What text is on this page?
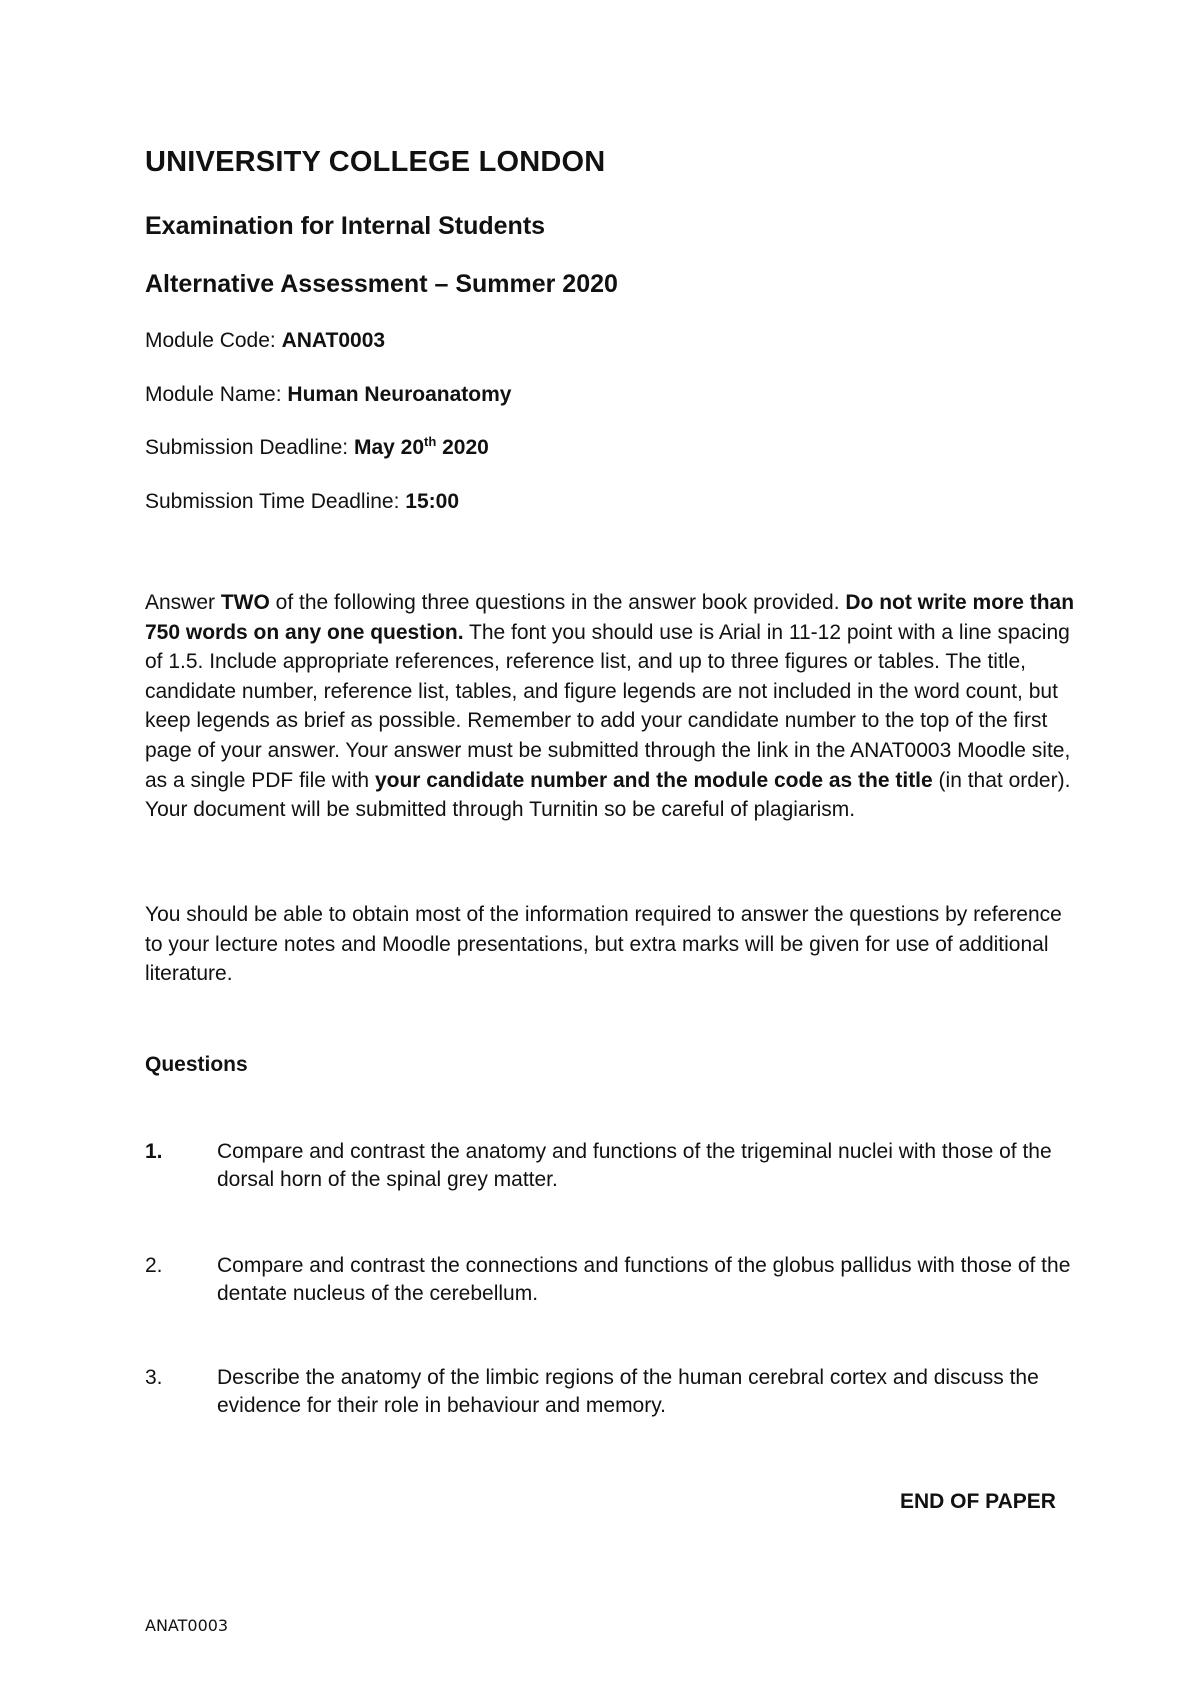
UNIVERSITY COLLEGE LONDON
Examination for Internal Students
Alternative Assessment – Summer 2020
Module Code: ANAT0003
Module Name: Human Neuroanatomy
Submission Deadline: May 20th 2020
Submission Time Deadline: 15:00
Answer TWO of the following three questions in the answer book provided. Do not write more than 750 words on any one question. The font you should use is Arial in 11-12 point with a line spacing of 1.5. Include appropriate references, reference list, and up to three figures or tables. The title, candidate number, reference list, tables, and figure legends are not included in the word count, but keep legends as brief as possible. Remember to add your candidate number to the top of the first page of your answer. Your answer must be submitted through the link in the ANAT0003 Moodle site, as a single PDF file with your candidate number and the module code as the title (in that order). Your document will be submitted through Turnitin so be careful of plagiarism.
You should be able to obtain most of the information required to answer the questions by reference to your lecture notes and Moodle presentations, but extra marks will be given for use of additional literature.
Questions
1.	Compare and contrast the anatomy and functions of the trigeminal nuclei with those of the dorsal horn of the spinal grey matter.
2.	Compare and contrast the connections and functions of the globus pallidus with those of the dentate nucleus of the cerebellum.
3.	Describe the anatomy of the limbic regions of the human cerebral cortex and discuss the evidence for their role in behaviour and memory.
END OF PAPER
ANAT0003
